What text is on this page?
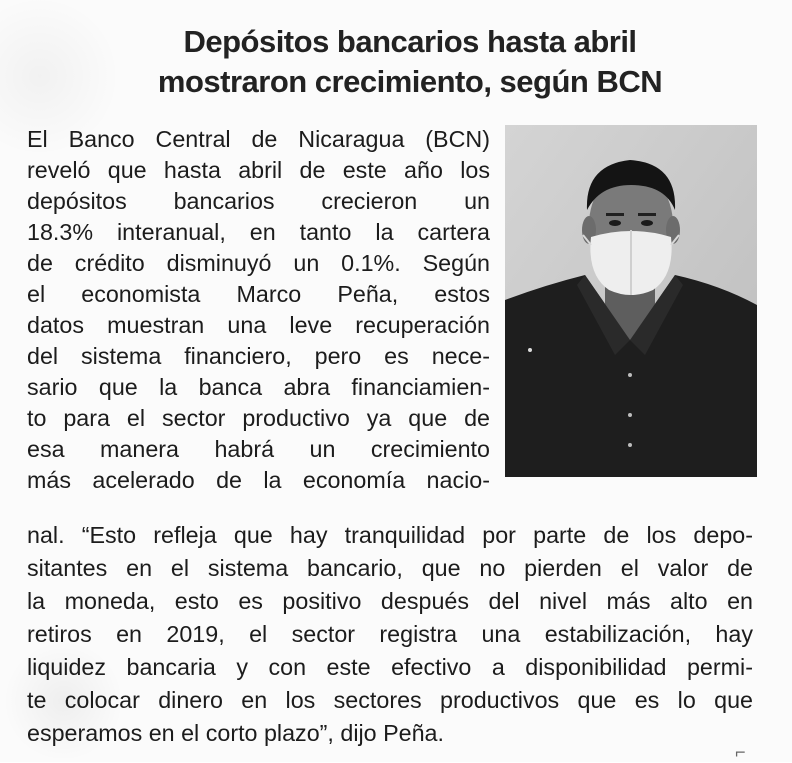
Depósitos bancarios hasta abril
mostraron crecimiento, según BCN
El Banco Central de Nicaragua (BCN)
reveló que hasta abril de este año los
depósitos bancarios crecieron un
18.3% interanual, en tanto la cartera
de crédito disminuyó un 0.1%. Según
el economista Marco Peña, estos
datos muestran una leve recuperación
del sistema financiero, pero es nece-
sario que la banca abra financiamien-
to para el sector productivo ya que de
esa manera habrá un crecimiento
más acelerado de la economía nacio-
nal. “Esto refleja que hay tranquilidad por parte de los depo-
sitantes en el sistema bancario, que no pierden el valor de
la moneda, esto es positivo después del nivel más alto en
retiros en 2019, el sector registra una estabilización, hay
liquidez bancaria y con este efectivo a disponibilidad permi-
te colocar dinero en los sectores productivos que es lo que
esperamos en el corto plazo”, dijo Peña.
⌐
